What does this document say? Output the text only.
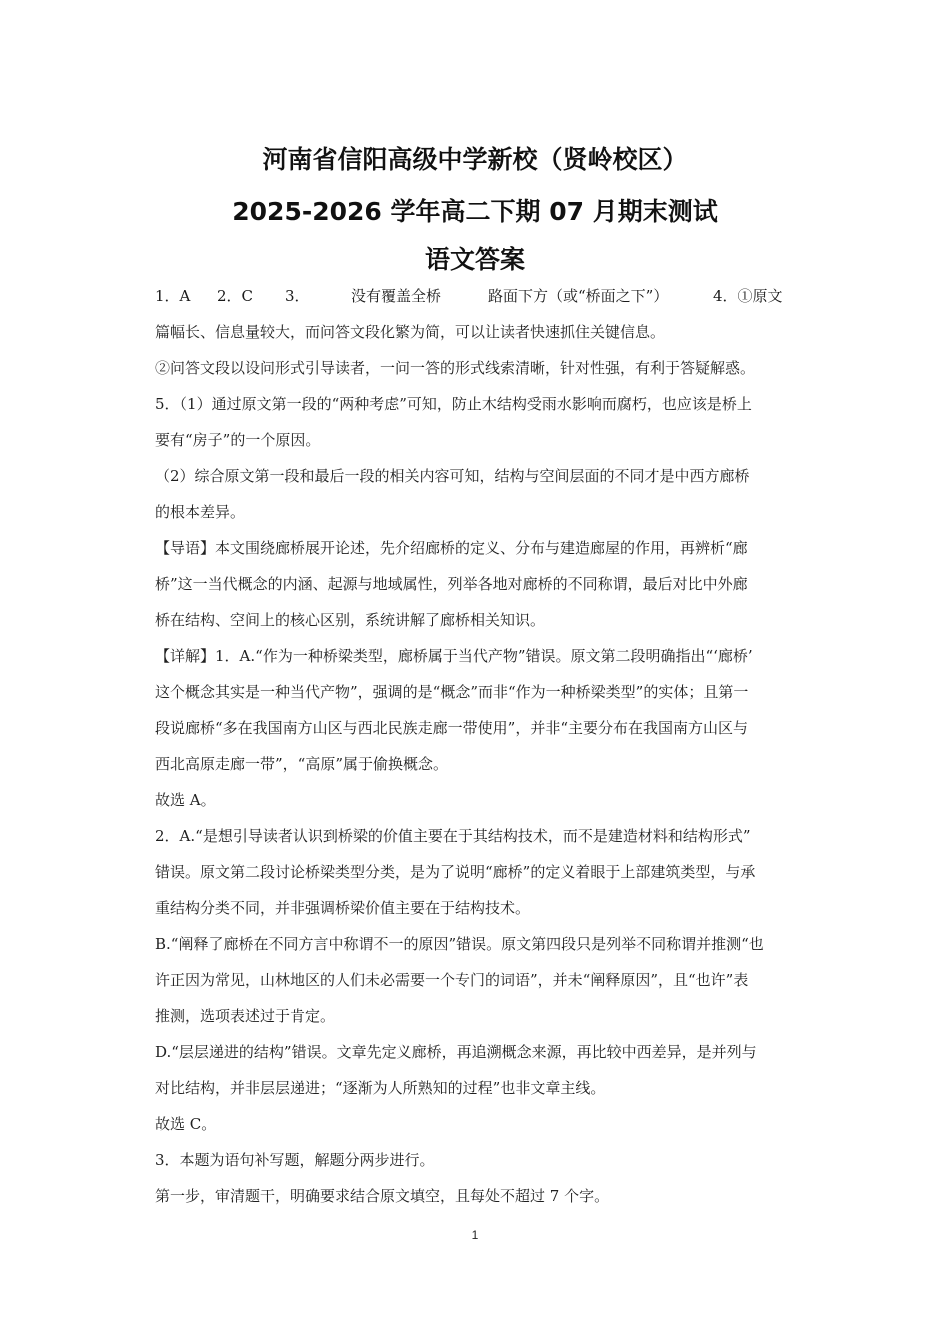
河南省信阳高级中学新校（贤岭校区）
2025-2026 学年高二下期 07 月期末测试
语文答案
1．A 2．C 3．	没有覆盖全桥	路面下方（或“桥面之下”）	4．①原文
篇幅长、信息量较大，而问答文段化繁为简，可以让读者快速抓住关键信息。
②问答文段以设问形式引导读者，一问一答的形式线索清晰，针对性强，有利于答疑解惑。
5．（1）通过原文第一段的“两种考虑”可知，防止木结构受雨水影响而腐朽，也应该是桥上
要有“房子”的一个原因。
（2）综合原文第一段和最后一段的相关内容可知，结构与空间层面的不同才是中西方廊桥
的根本差异。
【导语】本文围绕廊桥展开论述，先介绍廊桥的定义、分布与建造廊屋的作用，再辨析“廊
桥”这一当代概念的内涵、起源与地域属性，列举各地对廊桥的不同称谓，最后对比中外廊
桥在结构、空间上的核心区别，系统讲解了廊桥相关知识。
【详解】1．A.“作为一种桥梁类型，廊桥属于当代产物”错误。原文第二段明确指出“‘廊桥’
这个概念其实是一种当代产物”，强调的是“概念”而非“作为一种桥梁类型”的实体；且第一
段说廊桥“多在我国南方山区与西北民族走廊一带使用”，并非“主要分布在我国南方山区与
西北高原走廊一带”，“高原”属于偷换概念。
故选 A。
2．A.“是想引导读者认识到桥梁的价值主要在于其结构技术，而不是建造材料和结构形式”
错误。原文第二段讨论桥梁类型分类，是为了说明“廊桥”的定义着眼于上部建筑类型，与承
重结构分类不同，并非强调桥梁价值主要在于结构技术。
B.“阐释了廊桥在不同方言中称谓不一的原因”错误。原文第四段只是列举不同称谓并推测“也
许正因为常见，山林地区的人们未必需要一个专门的词语”，并未“阐释原因”，且“也许”表
推测，选项表述过于肯定。
D.“层层递进的结构”错误。文章先定义廊桥，再追溯概念来源，再比较中西差异，是并列与
对比结构，并非层层递进；“逐渐为人所熟知的过程”也非文章主线。
故选 C。
3．本题为语句补写题，解题分两步进行。
第一步，审清题干，明确要求结合原文填空，且每处不超过 7 个字。
1
